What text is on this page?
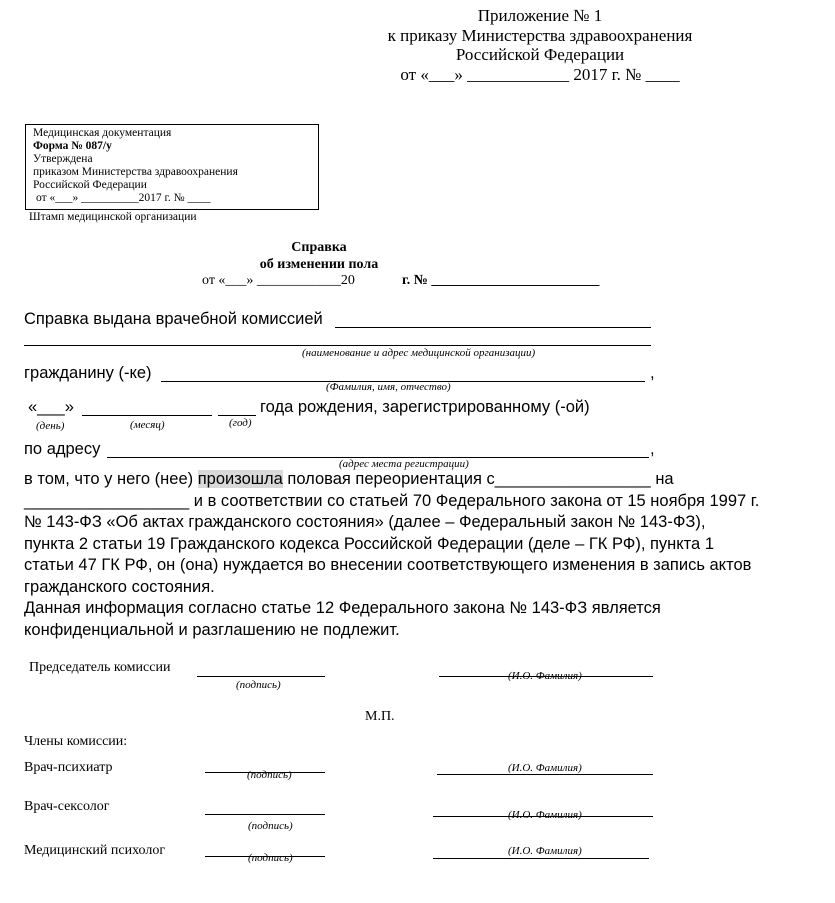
Приложение № 1
к приказу Министерства здравоохранения
Российской Федерации
от «___» ____________ 2017 г. № ____
Медицинская документация
Форма № 087/у
Утверждена
приказом Министерства здравоохранения
Российской Федерации
от «___» __________2017 г. № ____
Штамп медицинской организации
Справка
об изменении пола
от «___» ____________20	г. № ________________________
Справка выдана врачебной комиссией
(наименование и адрес медицинской организации)
гражданину (-ке)	,
(Фамилия, имя, отчество)
«___»	года рождения, зарегистрированному (-ой)
(день)	(месяц)	(год)
по адресу	,
(адрес места регистрации)
в том, что у него (нее) произошла половая переориентация с_________________ на
__________________ и в соответствии со статьей 70 Федерального закона от 15 ноября 1997 г.
№ 143-ФЗ «Об актах гражданского состояния» (далее – Федеральный закон № 143-ФЗ),
пункта 2 статьи 19 Гражданского кодекса Российской Федерации (деле – ГК РФ), пункта 1
статьи 47 ГК РФ, он (она) нуждается во внесении соответствующего изменения в запись актов
гражданского состояния.
Данная информация согласно статье 12 Федерального закона № 143-ФЗ является
конфиденциальной и разглашению не подлежит.
Председатель комиссии
(подпись)
(И.О. Фамилия)
М.П.
Члены комиссии:
Врач-психиатр	(подпись)
(И.О. Фамилия)
Врач-сексолог
(подпись)
(И.О. Фамилия)
Медицинский психолог	(подпись)
(И.О. Фамилия)
